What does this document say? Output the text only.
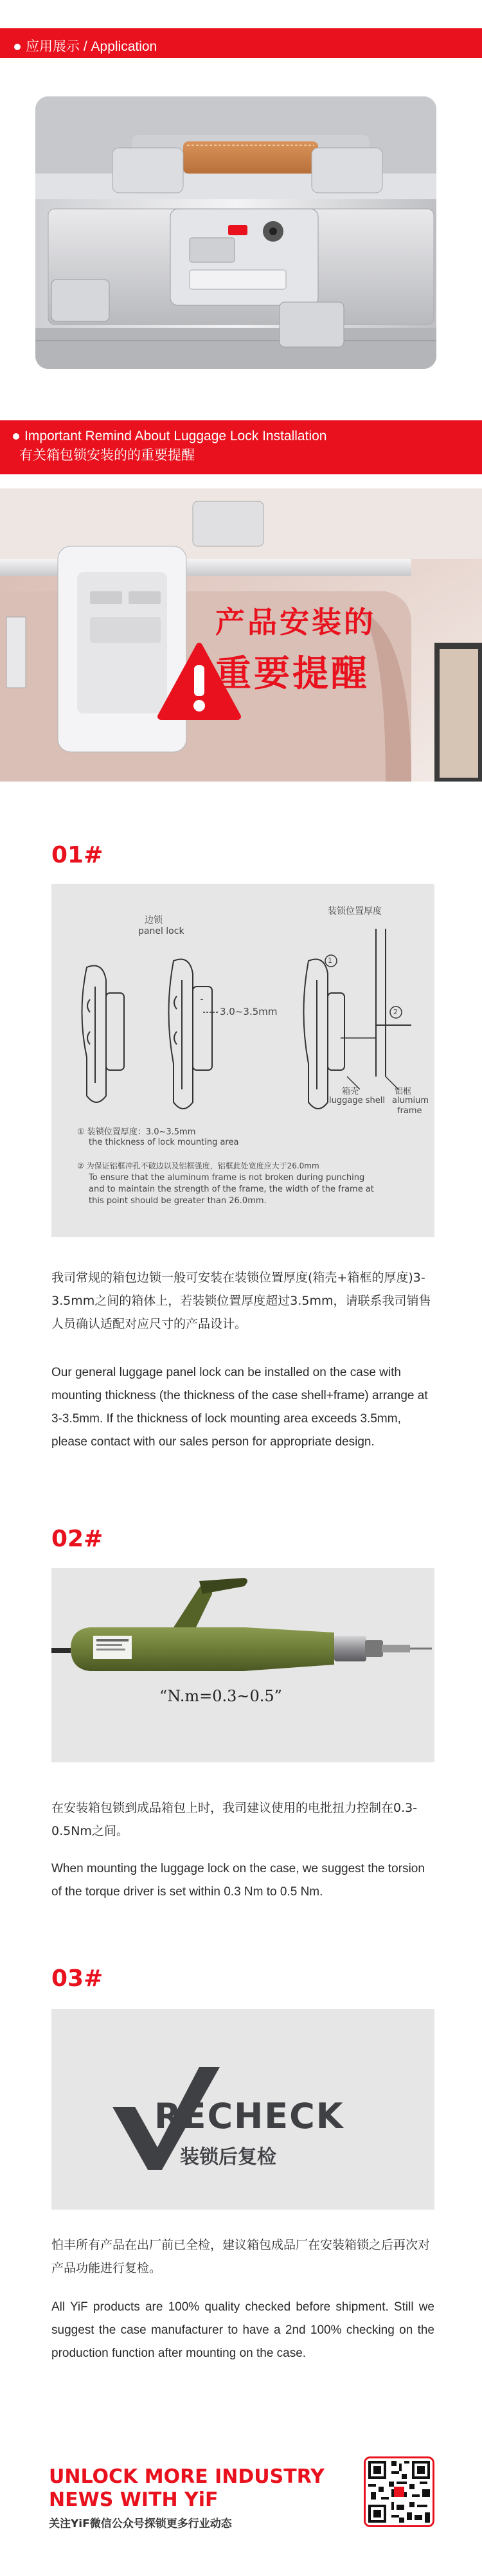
应用展示 / Application
Important Remind About Luggage Lock Installation
有关箱包锁安装的的重要提醒
产品安装的
重要提醒
01#
边锁
panel lock
装锁位置厚度
3.0~3.5mm
1
2
箱壳
luggage shell
铝框
alumium
frame
① 装锁位置厚度：3.0~3.5mm
the thickness of lock mounting area
② 为保证铝框冲孔不破边以及铝框强度，铝框此处宽度应大于26.0mm
To ensure that the aluminum frame is not broken during punching
and to maintain the strength of the frame, the width of the frame at
this point should be greater than 26.0mm.
我司常规的箱包边锁一般可安装在装锁位置厚度(箱壳+箱框的厚度)3-3.5mm之间的箱体上，若装锁位置厚度超过3.5mm，请联系我司销售人员确认适配对应尺寸的产品设计。
Our general luggage panel lock can be installed on the case with mounting thickness (the thickness of the case shell+frame) arrange at 3-3.5mm. If the thickness of lock mounting area exceeds 3.5mm, please contact with our sales person for appropriate design.
02#
“N.m=0.3~0.5”
在安装箱包锁到成品箱包上时，我司建议使用的电批扭力控制在0.3-0.5Nm之间。
When mounting the luggage lock on the case, we suggest the torsion of the torque driver is set within 0.3 Nm to 0.5 Nm.
03#
RECHECK
装锁后复检
怕丰所有产品在出厂前已全检，建议箱包成品厂在安装箱锁之后再次对产品功能进行复检。
All YiF products are 100% quality checked before shipment. Still we suggest the case manufacturer to have a 2nd 100% checking on the production function after mounting on the case.
UNLOCK MORE INDUSTRY
NEWS WITH YiF
关注YiF微信公众号探锁更多行业动态
